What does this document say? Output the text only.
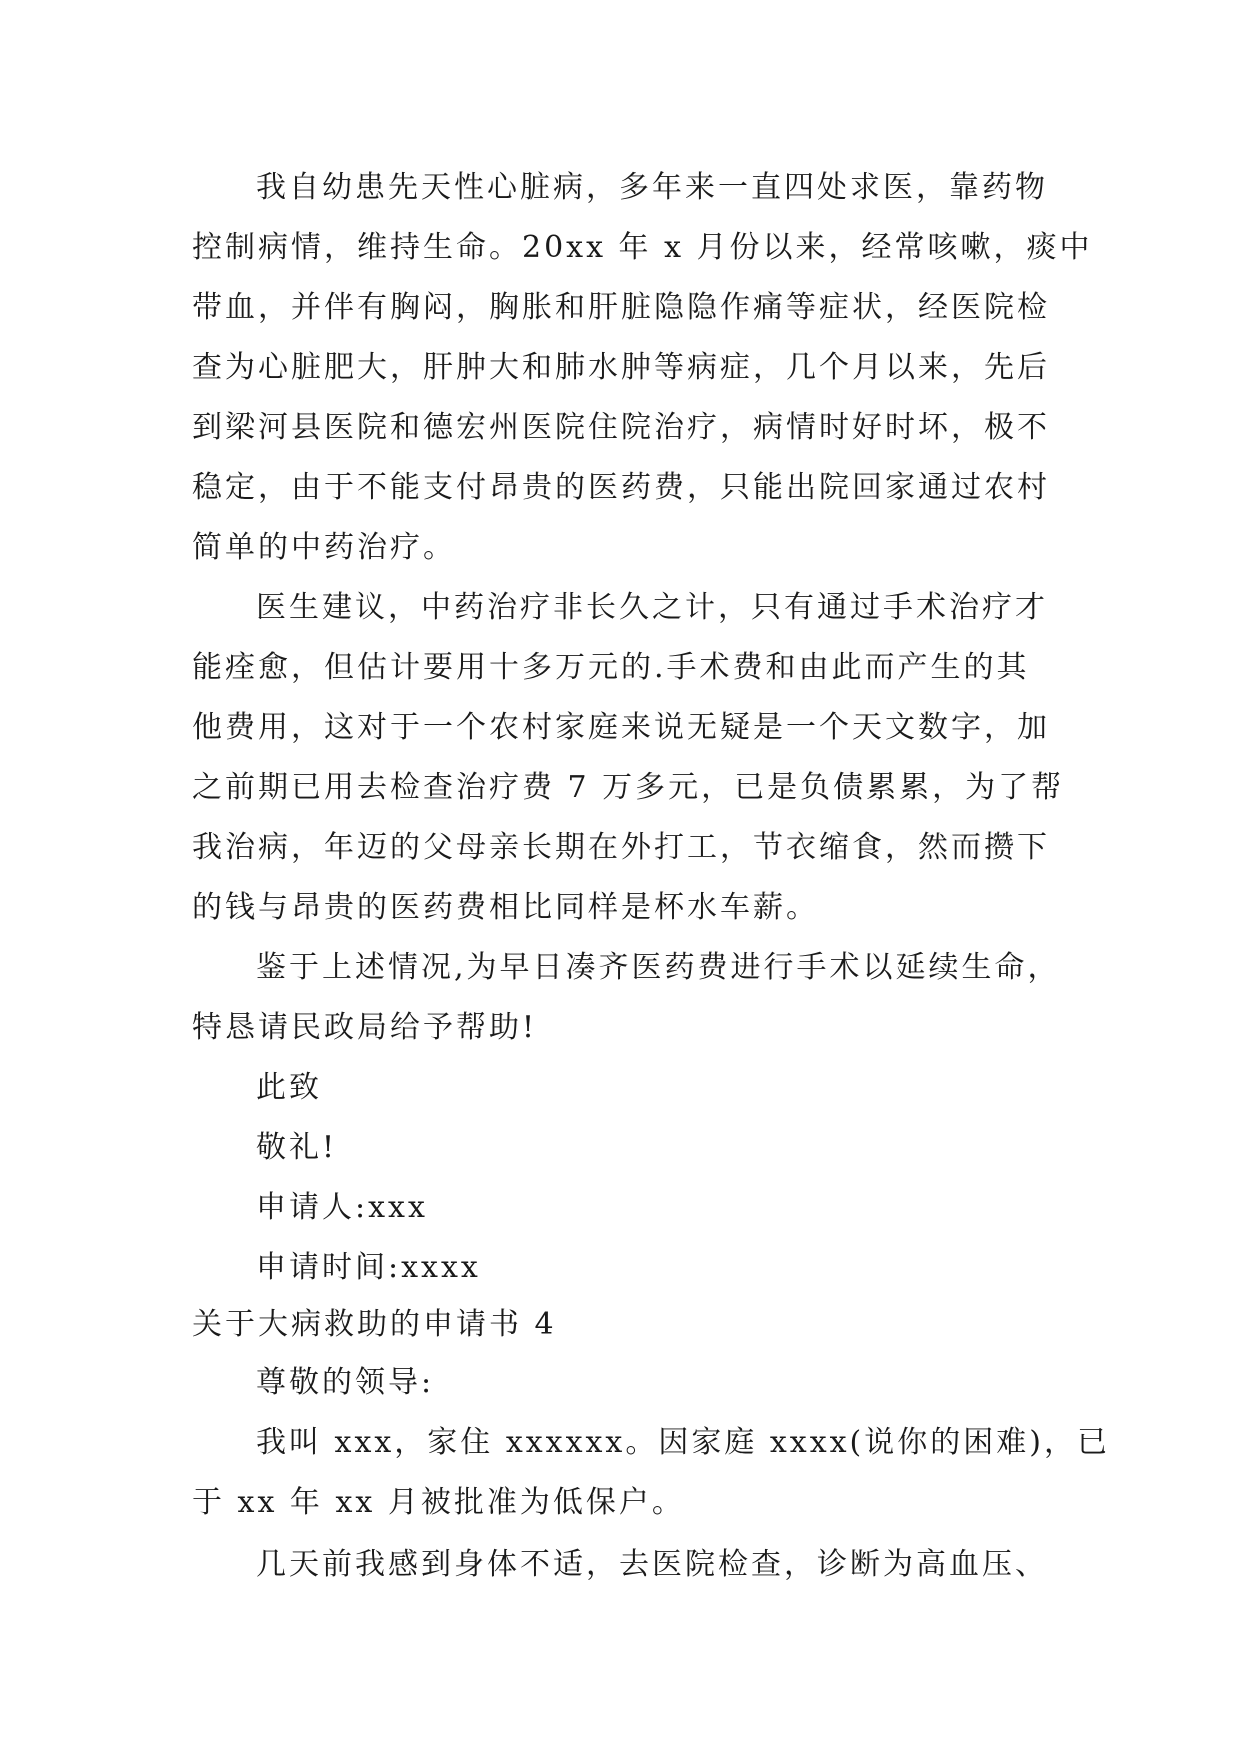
我自幼患先天性心脏病，多年来一直四处求医，靠药物
控制病情，维持生命。20xx 年 x 月份以来，经常咳嗽，痰中
带血，并伴有胸闷，胸胀和肝脏隐隐作痛等症状，经医院检
查为心脏肥大，肝肿大和肺水肿等病症，几个月以来，先后
到梁河县医院和德宏州医院住院治疗，病情时好时坏，极不
稳定，由于不能支付昂贵的医药费，只能出院回家通过农村
简单的中药治疗。
医生建议，中药治疗非长久之计，只有通过手术治疗才
能痊愈，但估计要用十多万元的.手术费和由此而产生的其
他费用，这对于一个农村家庭来说无疑是一个天文数字，加
之前期已用去检查治疗费 7 万多元，已是负债累累，为了帮
我治病，年迈的父母亲长期在外打工，节衣缩食，然而攒下
的钱与昂贵的医药费相比同样是杯水车薪。
鉴于上述情况,为早日凑齐医药费进行手术以延续生命，
特恳请民政局给予帮助!
此致
敬礼!
申请人:xxx
申请时间:xxxx
关于大病救助的申请书 4
尊敬的领导:
我叫 xxx，家住 xxxxxx。因家庭 xxxx(说你的困难)，已
于 xx 年 xx 月被批准为低保户。
几天前我感到身体不适，去医院检查，诊断为高血压、
